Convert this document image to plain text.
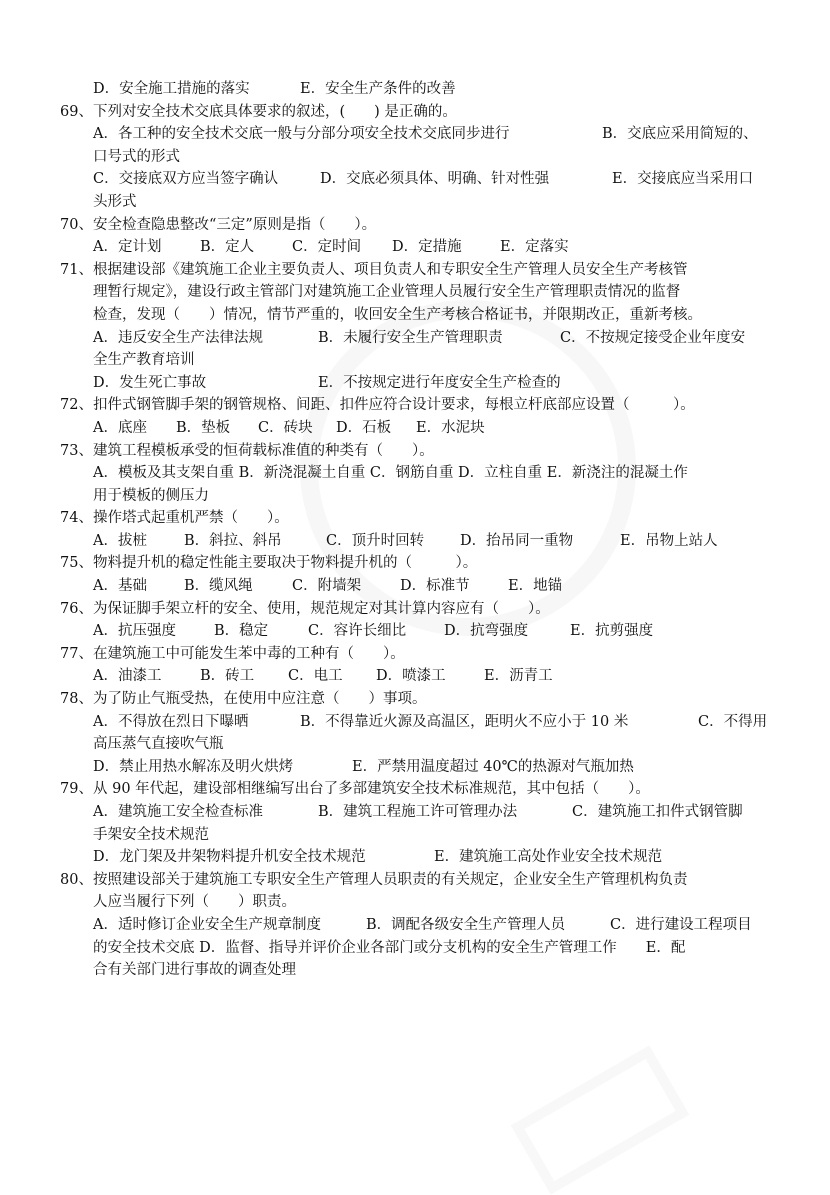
D．安全施工措施的落实	E．安全生产条件的改善
69、 下列对安全技术交底具体要求的叙述，(　　) 是正确的。
A．各工种的安全技术交底一般与分部分项安全技术交底同步进行	B．交底应采用简短的、
口号式的形式
C．交接底双方应当签字确认	D．交底必须具体、明确、针对性强	E．交接底应当采用口
头形式
70、 安全检查隐患整改“三定”原则是指（　　）。
A．定计划	B．定人	C．定时间 D．定措施	E．定落实
71、 根据建设部《建筑施工企业主要负责人、项目负责人和专职安全生产管理人员安全生产考核管
理暂行规定》，建设行政主管部门对建筑施工企业管理人员履行安全生产管理职责情况的监督
检查，发现（　　）情况，情节严重的，收回安全生产考核合格证书，并限期改正，重新考核。
A．违反安全生产法律法规	B．未履行安全生产管理职责	C．不按规定接受企业年度安
全生产教育培训
D．发生死亡事故	E．不按规定进行年度安全生产检查的
72、 扣件式钢管脚手架的钢管规格、间距、扣件应符合设计要求，每根立杆底部应设置（　　　）。
A．底座 B．垫板 C．砖块 D．石板 E．水泥块
73、 建筑工程模板承受的恒荷载标准值的种类有（　　）。
A．模板及其支架自重 B．新浇混凝土自重 C．钢筋自重 D．立柱自重 E．新浇注的混凝土作
用于模板的侧压力
74、 操作塔式起重机严禁（　　）。
A．拔桩	B．斜拉、斜吊	C．顶升时回转 D．抬吊同一重物	E．吊物上站人
75、 物料提升机的稳定性能主要取决于物料提升机的（　　　）。
A．基础	B．缆风绳	C．附墙架	D．标准节	E．地锚
76、 为保证脚手架立杆的安全、使用，规范规定对其计算内容应有（　　）。
A．抗压强度	B．稳定	C．容许长细比	D．抗弯强度	E．抗剪强度
77、 在建筑施工中可能发生苯中毒的工种有（　　）。
A．油漆工	B．砖工 C．电工 D．喷漆工	E．沥青工
78、 为了防止气瓶受热，在使用中应注意（　　）事项。
A．不得放在烈日下曝晒	B．不得靠近火源及高温区，距明火不应小于 10 米	C．不得用
高压蒸气直接吹气瓶
D．禁止用热水解冻及明火烘烤	E．严禁用温度超过 40℃的热源对气瓶加热
79、 从 90 年代起，建设部相继编写出台了多部建筑安全技术标准规范，其中包括（　　）。
A．建筑施工安全检查标准	B．建筑工程施工许可管理办法	C．建筑施工扣件式钢管脚
手架安全技术规范
D．龙门架及井架物料提升机安全技术规范	E．建筑施工高处作业安全技术规范
80、 按照建设部关于建筑施工专职安全生产管理人员职责的有关规定，企业安全生产管理机构负责
人应当履行下列（　　）职责。
A．适时修订企业安全生产规章制度	B．调配各级安全生产管理人员	C．进行建设工程项目
的安全技术交底 D．监督、指导并评价企业各部门或分支机构的安全生产管理工作　　E．配
合有关部门进行事故的调查处理
